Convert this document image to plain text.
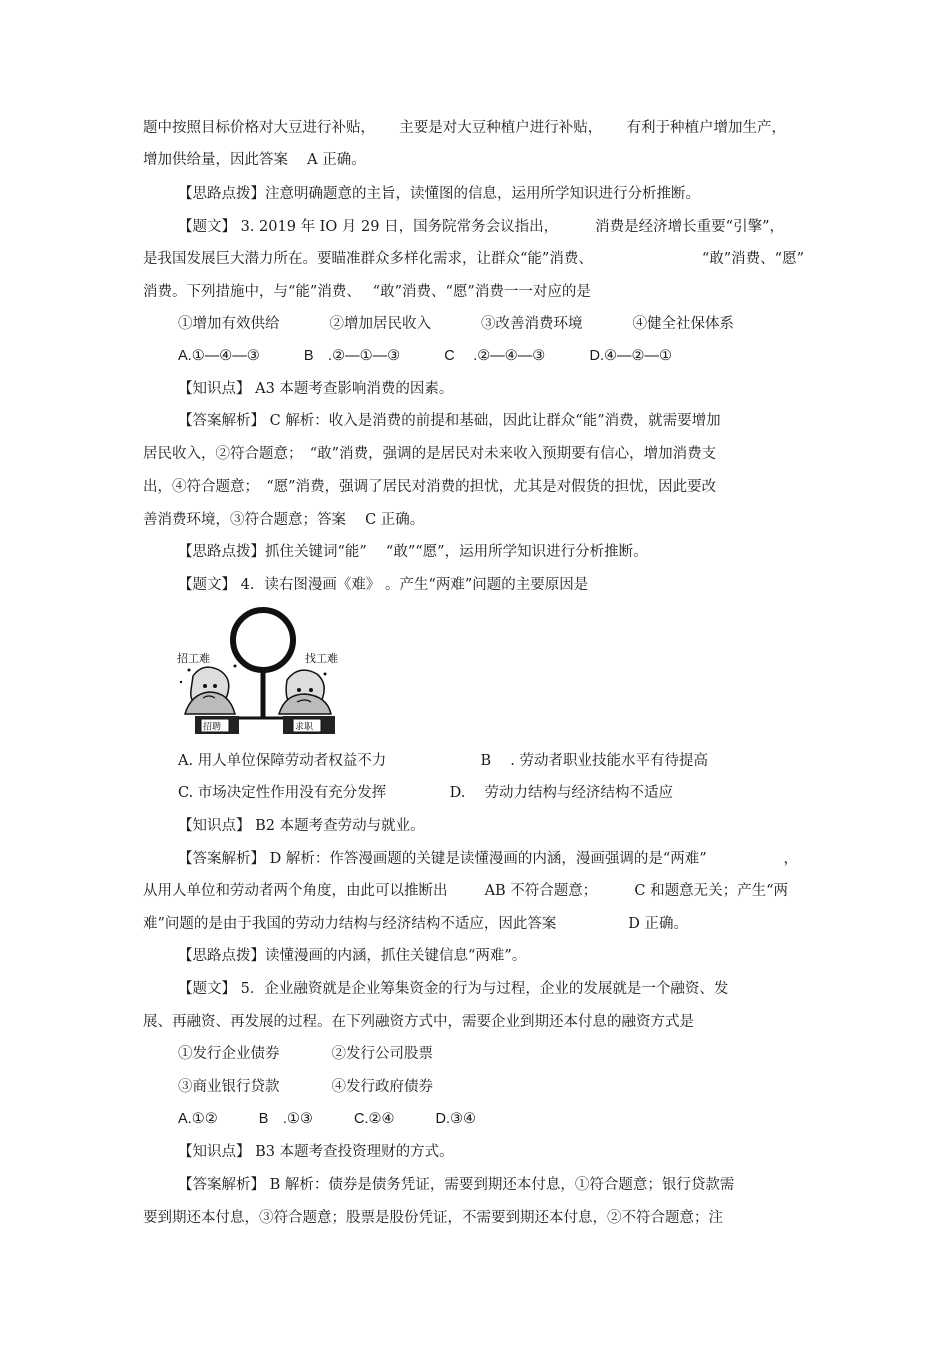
题中按照目标价格对大豆进行补贴， 主要是对大豆种植户进行补贴， 有利于种植户增加生产，
增加供给量，因此答案　 A 正确。
【思路点拨】注意明确题意的主旨，读懂图的信息，运用所学知识进行分析推断。
【题文】 3. 2019 年 IO 月 29 日，国务院常务会议指出，	消费是经济增长重要“引擎”，
是我国发展巨大潜力所在。要瞄准群众多样化需求，让群众“能”消费、	“敢”消费、“愿”
消费。下列措施中，与“能”消费、　 “敢”消费、“愿”消费一一对应的是
①增加有效供给	②增加居民收入	③改善消费环境	④健全社保体系
A.①—④—③	B　.②—①—③	C　 .②—④—③	D.④—②—①
【知识点】 A3 本题考查影响消费的因素。
【答案解析】 C 解析：收入是消费的前提和基础，因此让群众“能”消费，就需要增加
居民收入，②符合题意；　“敢”消费，强调的是居民对未来收入预期要有信心，增加消费支
出，④符合题意；　“愿”消费，强调了居民对消费的担忧，尤其是对假货的担忧，因此要改
善消费环境，③符合题意；答案　 C 正确。
【思路点拨】抓住关键词“能”　 “敢”“愿”，运用所学知识进行分析推断。
【题文】 4．读右图漫画《难》 。产生“两难”问题的主要原因是
招工难	找工难
招聘	求职
A. 用人单位保障劳动者权益不力	B　 . 劳动者职业技能水平有待提高
C. 市场决定性作用没有充分发挥	D.　 劳动力结构与经济结构不适应
【知识点】 B2 本题考查劳动与就业。
【答案解析】 D 解析：作答漫画题的关键是读懂漫画的内涵，漫画强调的是“两难”	，
从用人单位和劳动者两个角度，由此可以推断出	AB 不符合题意；	C 和题意无关；产生“两
难”问题的是由于我国的劳动力结构与经济结构不适应，因此答案	D 正确。
【思路点拨】读懂漫画的内涵，抓住关键信息“两难”。
【题文】 5．企业融资就是企业筹集资金的行为与过程，企业的发展就是一个融资、发
展、再融资、再发展的过程。在下列融资方式中，需要企业到期还本付息的融资方式是
①发行企业债券	②发行公司股票
③商业银行贷款	④发行政府债券
A.①②	B　.①③	C.②④	D.③④
【知识点】 B3 本题考查投资理财的方式。
【答案解析】 B 解析：债券是债务凭证，需要到期还本付息，①符合题意；银行贷款需
要到期还本付息，③符合题意；股票是股份凭证，不需要到期还本付息，②不符合题意；注
